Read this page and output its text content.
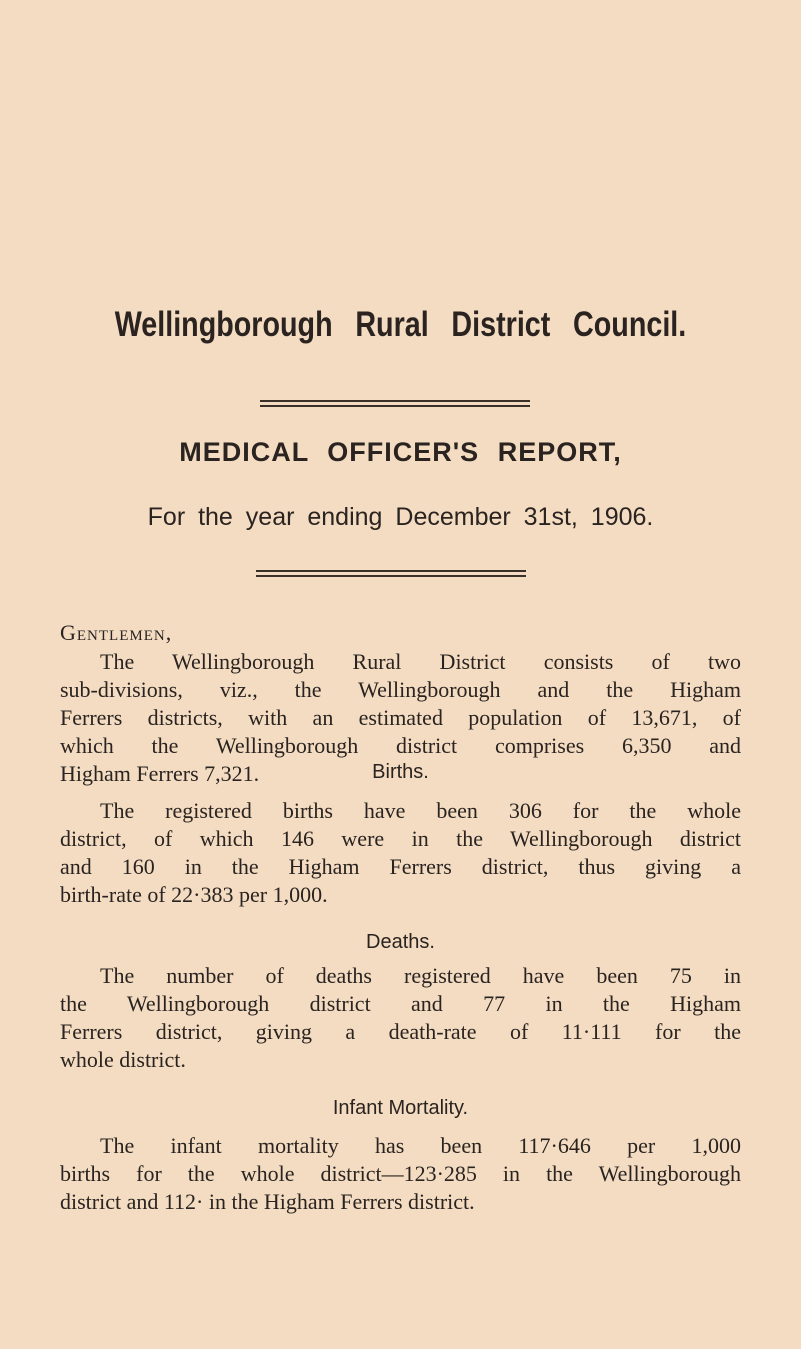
Wellingborough Rural District Council.
MEDICAL OFFICER'S REPORT,
For the year ending December 31st, 1906.
Gentlemen,
The Wellingborough Rural District consists of two
sub-divisions, viz., the Wellingborough and the Higham
Ferrers districts, with an estimated population of 13,671, of
which the Wellingborough district comprises 6,350 and
Higham Ferrers 7,321.	Births.
The registered births have been 306 for the whole
district, of which 146 were in the Wellingborough district
and 160 in the Higham Ferrers district, thus giving a
birth-rate of 22·383 per 1,000.
Deaths.
The number of deaths registered have been 75 in
the Wellingborough district and 77 in the Higham
Ferrers district, giving a death-rate of 11·111 for the
whole district.
Infant Mortality.
The infant mortality has been 117·646 per 1,000
births for the whole district—123·285 in the Wellingborough
district and 112· in the Higham Ferrers district.
